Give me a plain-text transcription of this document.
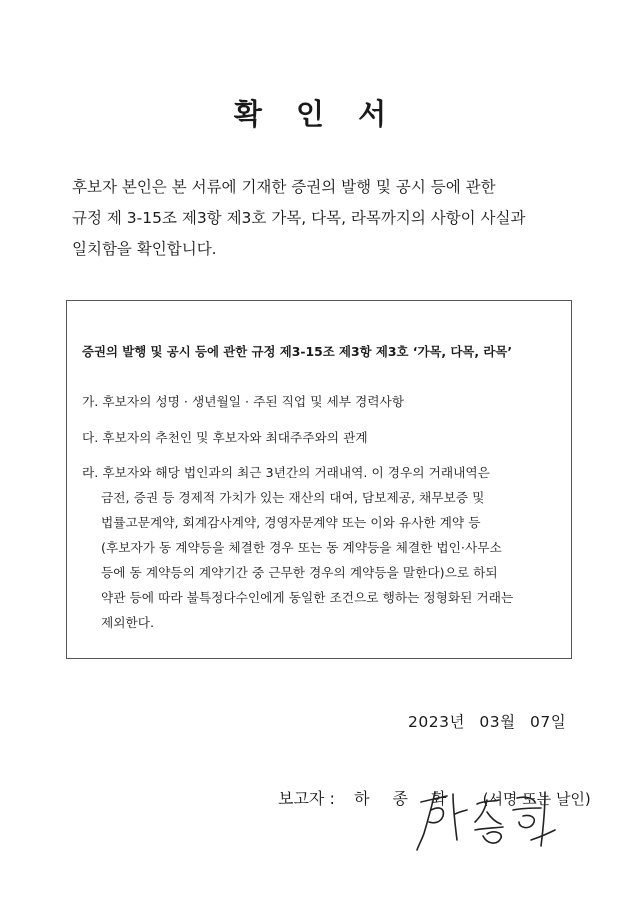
확 인 서
후보자 본인은 본 서류에 기재한 증권의 발행 및 공시 등에 관한
규정 제 3-15조 제3항 제3호 가목, 다목, 라목까지의 사항이 사실과
일치함을 확인합니다.
증권의 발행 및 공시 등에 관한 규정 제3-15조 제3항 제3호 ‘가목, 다목, 라목’
가. 후보자의 성명 · 생년월일 · 주된 직업 및 세부 경력사항
다. 후보자의 추천인 및 후보자와 최대주주와의 관계
라. 후보자와 해당 법인과의 최근 3년간의 거래내역. 이 경우의 거래내역은
금전, 증권 등 경제적 가치가 있는 재산의 대여, 담보제공, 채무보증 및
법률고문계약, 회계감사계약, 경영자문계약 또는 이와 유사한 계약 등
(후보자가 동 계약등을 체결한 경우 또는 동 계약등을 체결한 법인·사무소
등에 동 계약등의 계약기간 중 근무한 경우의 계약등을 말한다)으로 하되
약관 등에 따라 불특정다수인에게 동일한 조건으로 행하는 정형화된 거래는
제외한다.
2023년 03월 07일
보고자 : 하 종 화 (서명 또는 날인)
